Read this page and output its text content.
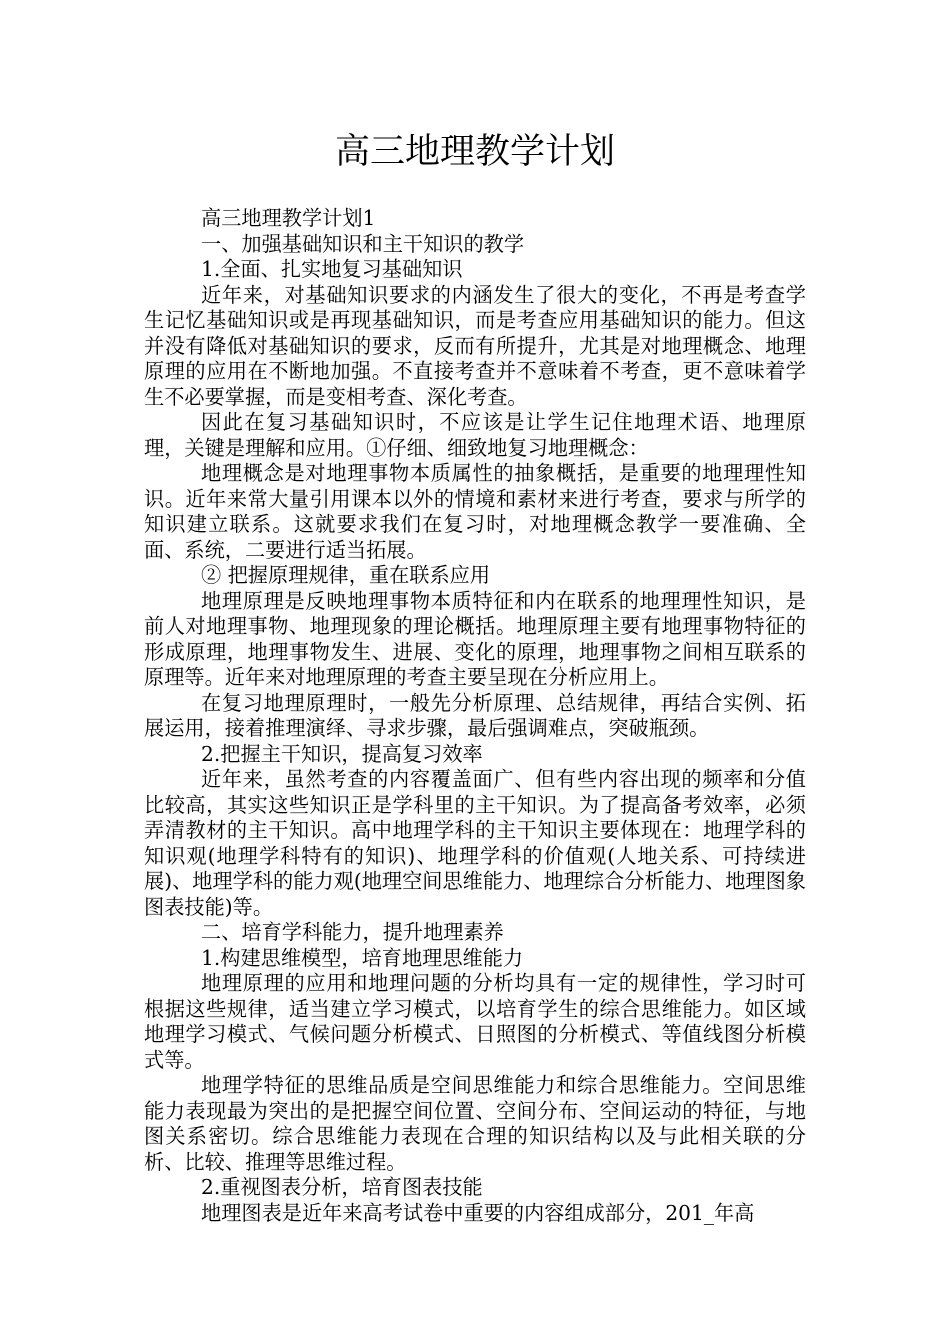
高三地理教学计划

高三地理教学计划1

一、加强基础知识和主干知识的教学

1.全面、扎实地复习基础知识

近年来，对基础知识要求的内涵发生了很大的变化，不再是考查学生记忆基础知识或是再现基础知识，而是考查应用基础知识的能力。但这并没有降低对基础知识的要求，反而有所提升，尤其是对地理概念、地理原理的应用在不断地加强。不直接考查并不意味着不考查，更不意味着学生不必要掌握，而是变相考查、深化考查。

因此在复习基础知识时，不应该是让学生记住地理术语、地理原理，关键是理解和应用。①仔细、细致地复习地理概念：

地理概念是对地理事物本质属性的抽象概括，是重要的地理理性知识。近年来常大量引用课本以外的情境和素材来进行考查，要求与所学的知识建立联系。这就要求我们在复习时，对地理概念教学一要准确、全面、系统，二要进行适当拓展。

② 把握原理规律，重在联系应用

地理原理是反映地理事物本质特征和内在联系的地理理性知识，是前人对地理事物、地理现象的理论概括。地理原理主要有地理事物特征的形成原理，地理事物发生、进展、变化的原理，地理事物之间相互联系的原理等。近年来对地理原理的考查主要呈现在分析应用上。

在复习地理原理时，一般先分析原理、总结规律，再结合实例、拓展运用，接着推理演绎、寻求步骤，最后强调难点，突破瓶颈。

2.把握主干知识，提高复习效率

近年来，虽然考查的内容覆盖面广、但有些内容出现的频率和分值比较高，其实这些知识正是学科里的主干知识。为了提高备考效率，必须弄清教材的主干知识。高中地理学科的主干知识主要体现在：地理学科的知识观(地理学科特有的知识)、地理学科的价值观(人地关系、可持续进展)、地理学科的能力观(地理空间思维能力、地理综合分析能力、地理图象图表技能)等。

二、培育学科能力，提升地理素养

1.构建思维模型，培育地理思维能力

地理原理的应用和地理问题的分析均具有一定的规律性，学习时可根据这些规律，适当建立学习模式，以培育学生的综合思维能力。如区域地理学习模式、气候问题分析模式、日照图的分析模式、等值线图分析模式等。

地理学特征的思维品质是空间思维能力和综合思维能力。空间思维能力表现最为突出的是把握空间位置、空间分布、空间运动的特征，与地图关系密切。综合思维能力表现在合理的知识结构以及与此相关联的分析、比较、推理等思维过程。

2.重视图表分析，培育图表技能

地理图表是近年来高考试卷中重要的内容组成部分，201_年高
